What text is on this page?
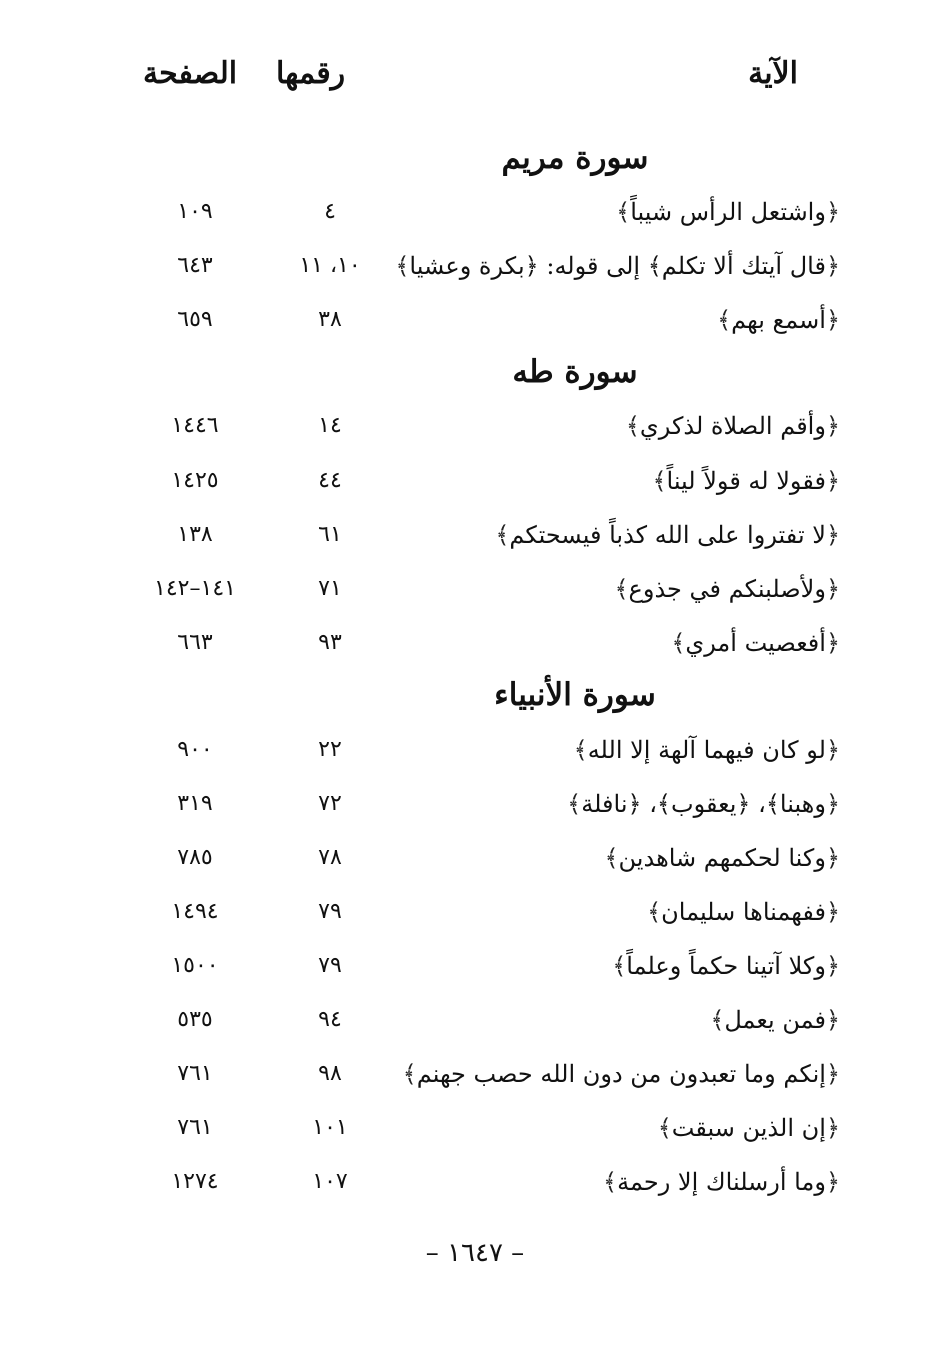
الآية
رقمها
الصفحة
سورة مريم
﴿واشتعل الرأس شيباً﴾
٤
١٠٩
﴿قال آيتك ألا تكلم﴾ إلى قوله: ﴿بكرة وعشيا﴾
١٠، ١١
٦٤٣
﴿أسمع بهم﴾
٣٨
٦٥٩
سورة طه
﴿وأقم الصلاة لذكري﴾
١٤
١٤٤٦
﴿فقولا له قولاً ليناً﴾
٤٤
١٤٢٥
﴿لا تفتروا على الله كذباً فيسحتكم﴾
٦١
١٣٨
﴿ولأصلبنكم في جذوع﴾
٧١
١٤١–١٤٢
﴿أفعصيت أمري﴾
٩٣
٦٦٣
سورة الأنبياء
﴿لو كان فيهما آلهة إلا الله﴾
٢٢
٩٠٠
﴿وهبنا﴾، ﴿يعقوب﴾، ﴿نافلة﴾
٧٢
٣١٩
﴿وكنا لحكمهم شاهدين﴾
٧٨
٧٨٥
﴿ففهمناها سليمان﴾
٧٩
١٤٩٤
﴿وكلا آتينا حكماً وعلماً﴾
٧٩
١٥٠٠
﴿فمن يعمل﴾
٩٤
٥٣٥
﴿إنكم وما تعبدون من دون الله حصب جهنم﴾
٩٨
٧٦١
﴿إن الذين سبقت﴾
١٠١
٧٦١
﴿وما أرسلناك إلا رحمة﴾
١٠٧
١٢٧٤
– ١٦٤٧ –
